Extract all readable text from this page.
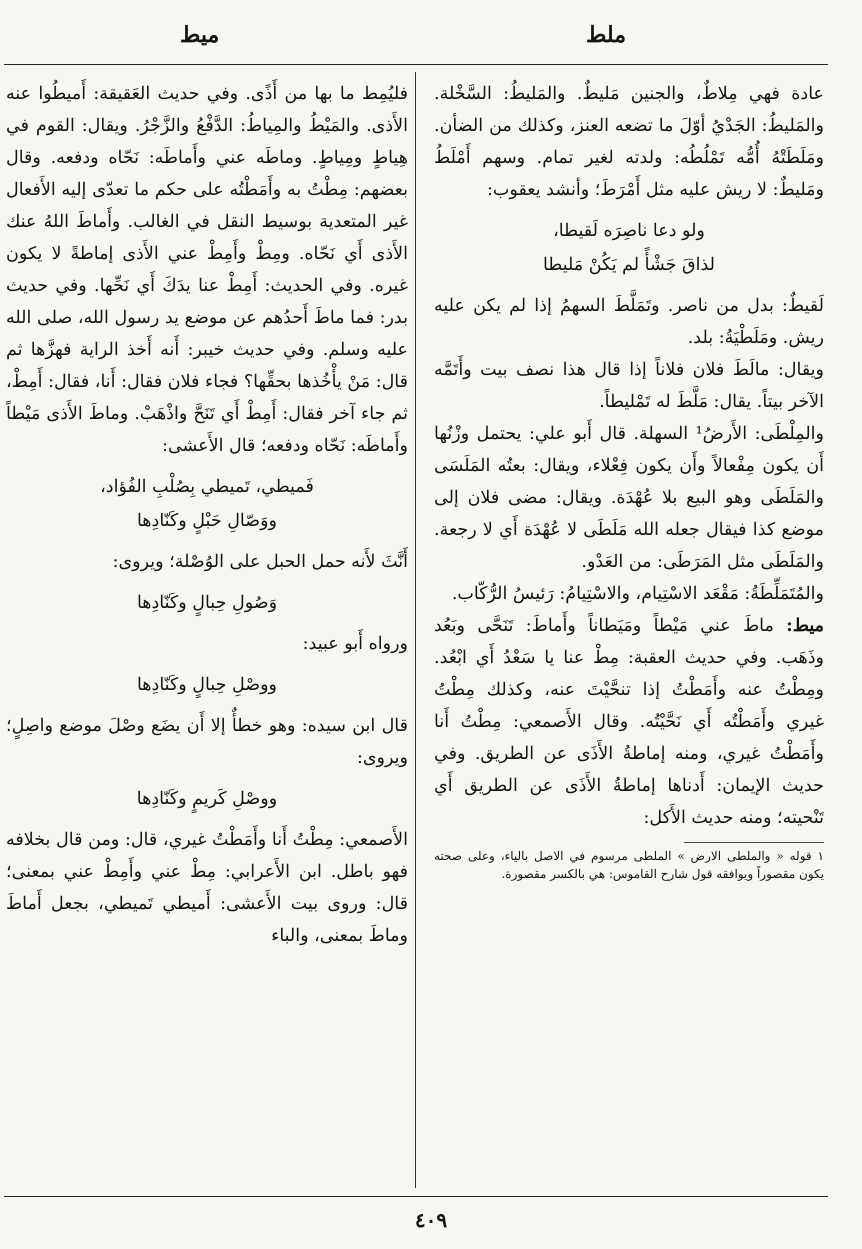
ملط
ميط

عادة فهي مِلاطٌ، والجنين مَليطٌ. والمَليطُ: السَّخْلة. والمَليطُ: الجَدْيُ أوّلَ ما تضعه العنز، وكذلك من الضأن. ومَلَطَتْهُ أُمُّه تَمْلُطُه: ولدته لغير تمام. وسهم أَمْلَطُ ومَليطٌ: لا ريش عليه مثل أَمْرَطَ؛ وأنشد يعقوب:

ولو دعا ناصِرَه لَقيطا،
لذاقَ جَشْأً لم يَكُنْ مَليطا

لَقيطٌ: بدل من ناصر. وتَمَلَّطَ السهمُ إذا لم يكن عليه ريش. ومَلَطْيَةُ: بلد.

ويقال: مالَطَ فلان فلاناً إذا قال هذا نصف بيت وأَتَمَّه الآخر بيتاً. يقال: مَلَّطَ له تَمْليطاً.

والمِلْطَى: الأَرضُ¹ السهلة. قال أَبو علي: يحتمل وزْنُها أَن يكون مِفْعالاً وأَن يكون فِعْلاء، ويقال: بعتُه المَلَسَى والمَلَطَى وهو البيع بلا عُهْدَة. ويقال: مضى فلان إلى موضع كذا فيقال جعله الله مَلَطَى لا عُهْدَة أَي لا رجعة. والمَلَطَى مثل المَرَطَى: من العَدْو.

والمُتَمَلِّطَةُ: مَقْعَد الاسْتِيام، والاسْتِيامُ: رَئيسُ الرُّكّاب.

ميط: ماطَ عني مَيْطاً ومَيَطاناً وأَماطَ: تَنَحَّى وبَعُد وذَهَب. وفي حديث العقبة: مِطْ عنا يا سَعْدُ أَي ابْعُد. ومِطْتُ عنه وأَمَطْتُ إذا تنحَّيْتَ عنه، وكذلك مِطْتُ غيري وأَمَطْتُه أَي نَحَّيْتُه. وقال الأَصمعي: مِطْتُ أَنا وأَمَطْتُ غيري، ومنه إماطةُ الأَذَى عن الطريق. وفي حديث الإيمان: أَدناها إماطةُ الأَذَى عن الطريق أَي تَنْحيته؛ ومنه حديث الأَكل:

١ قوله « والملطى الارض » الملطى مرسوم في الاصل بالياء، وعلى صحته يكون مقصوراً ويوافقه قول شارح القاموس: هي بالكسر مقصورة.

فليُمِط ما بها من أَذًى. وفي حديث العَقيقة: أَميطُوا عنه الأَذى. والمَيْطُ والمِياطُ: الدَّفْعُ والزَّجْرُ. ويقال: القوم في هِياطٍ ومِياطٍ. وماطَه عني وأَماطَه: نَحّاه ودفعه. وقال بعضهم: مِطْتُ به وأَمَطْتُه على حكم ما تعدّى إليه الأَفعال غير المتعدية بوسيط النقل في الغالب. وأَماطَ اللهُ عنك الأَذى أَي نَحّاه. ومِطْ وأَمِطْ عني الأَذى إماطةً لا يكون غيره. وفي الحديث: أَمِطْ عنا يدَكَ أَي نَحِّها. وفي حديث بدر: فما ماطَ أَحدُهم عن موضع يد رسول الله، صلى الله عليه وسلم. وفي حديث خيبر: أَنه أَخذ الراية فهزَّها ثم قال: مَنْ يأْخُذها بحقِّها؟ فجاء فلان فقال: أَنا، فقال: أَمِطْ، ثم جاء آخر فقال: أَمِطْ أَي تَنَحَّ واذْهَبْ. وماطَ الأَذى مَيْطاً وأَماطَه: نَحّاه ودفعه؛ قال الأَعشى:

فَميطي، تَميطي بِصُلْبِ الفُؤاد،
ووَصّالِ حَبْلٍ وكَنّادِها

أَنَّثَ لأَنه حمل الحبل على الوُصْلة؛ ويروى:

وَصُولِ حِبالٍ وكَنّادِها

ورواه أَبو عبيد:

ووصْلِ حِبالٍ وكَنّادِها

قال ابن سيده: وهو خطأٌ إلا أَن يضَع وصْلَ موضع واصِلٍ؛ ويروى:

ووصْلِ كَريمٍ وكَنّادِها

الأَصمعي: مِطْتُ أَنا وأَمَطْتُ غيري، قال: ومن قال بخلافه فهو باطل. ابن الأَعرابي: مِطْ عني وأَمِطْ عني بمعنى؛ قال: وروى بيت الأَعشى: أَميطي تَميطي، بجعل أَماطَ وماطَ بمعنى، والباء

٤٠٩
